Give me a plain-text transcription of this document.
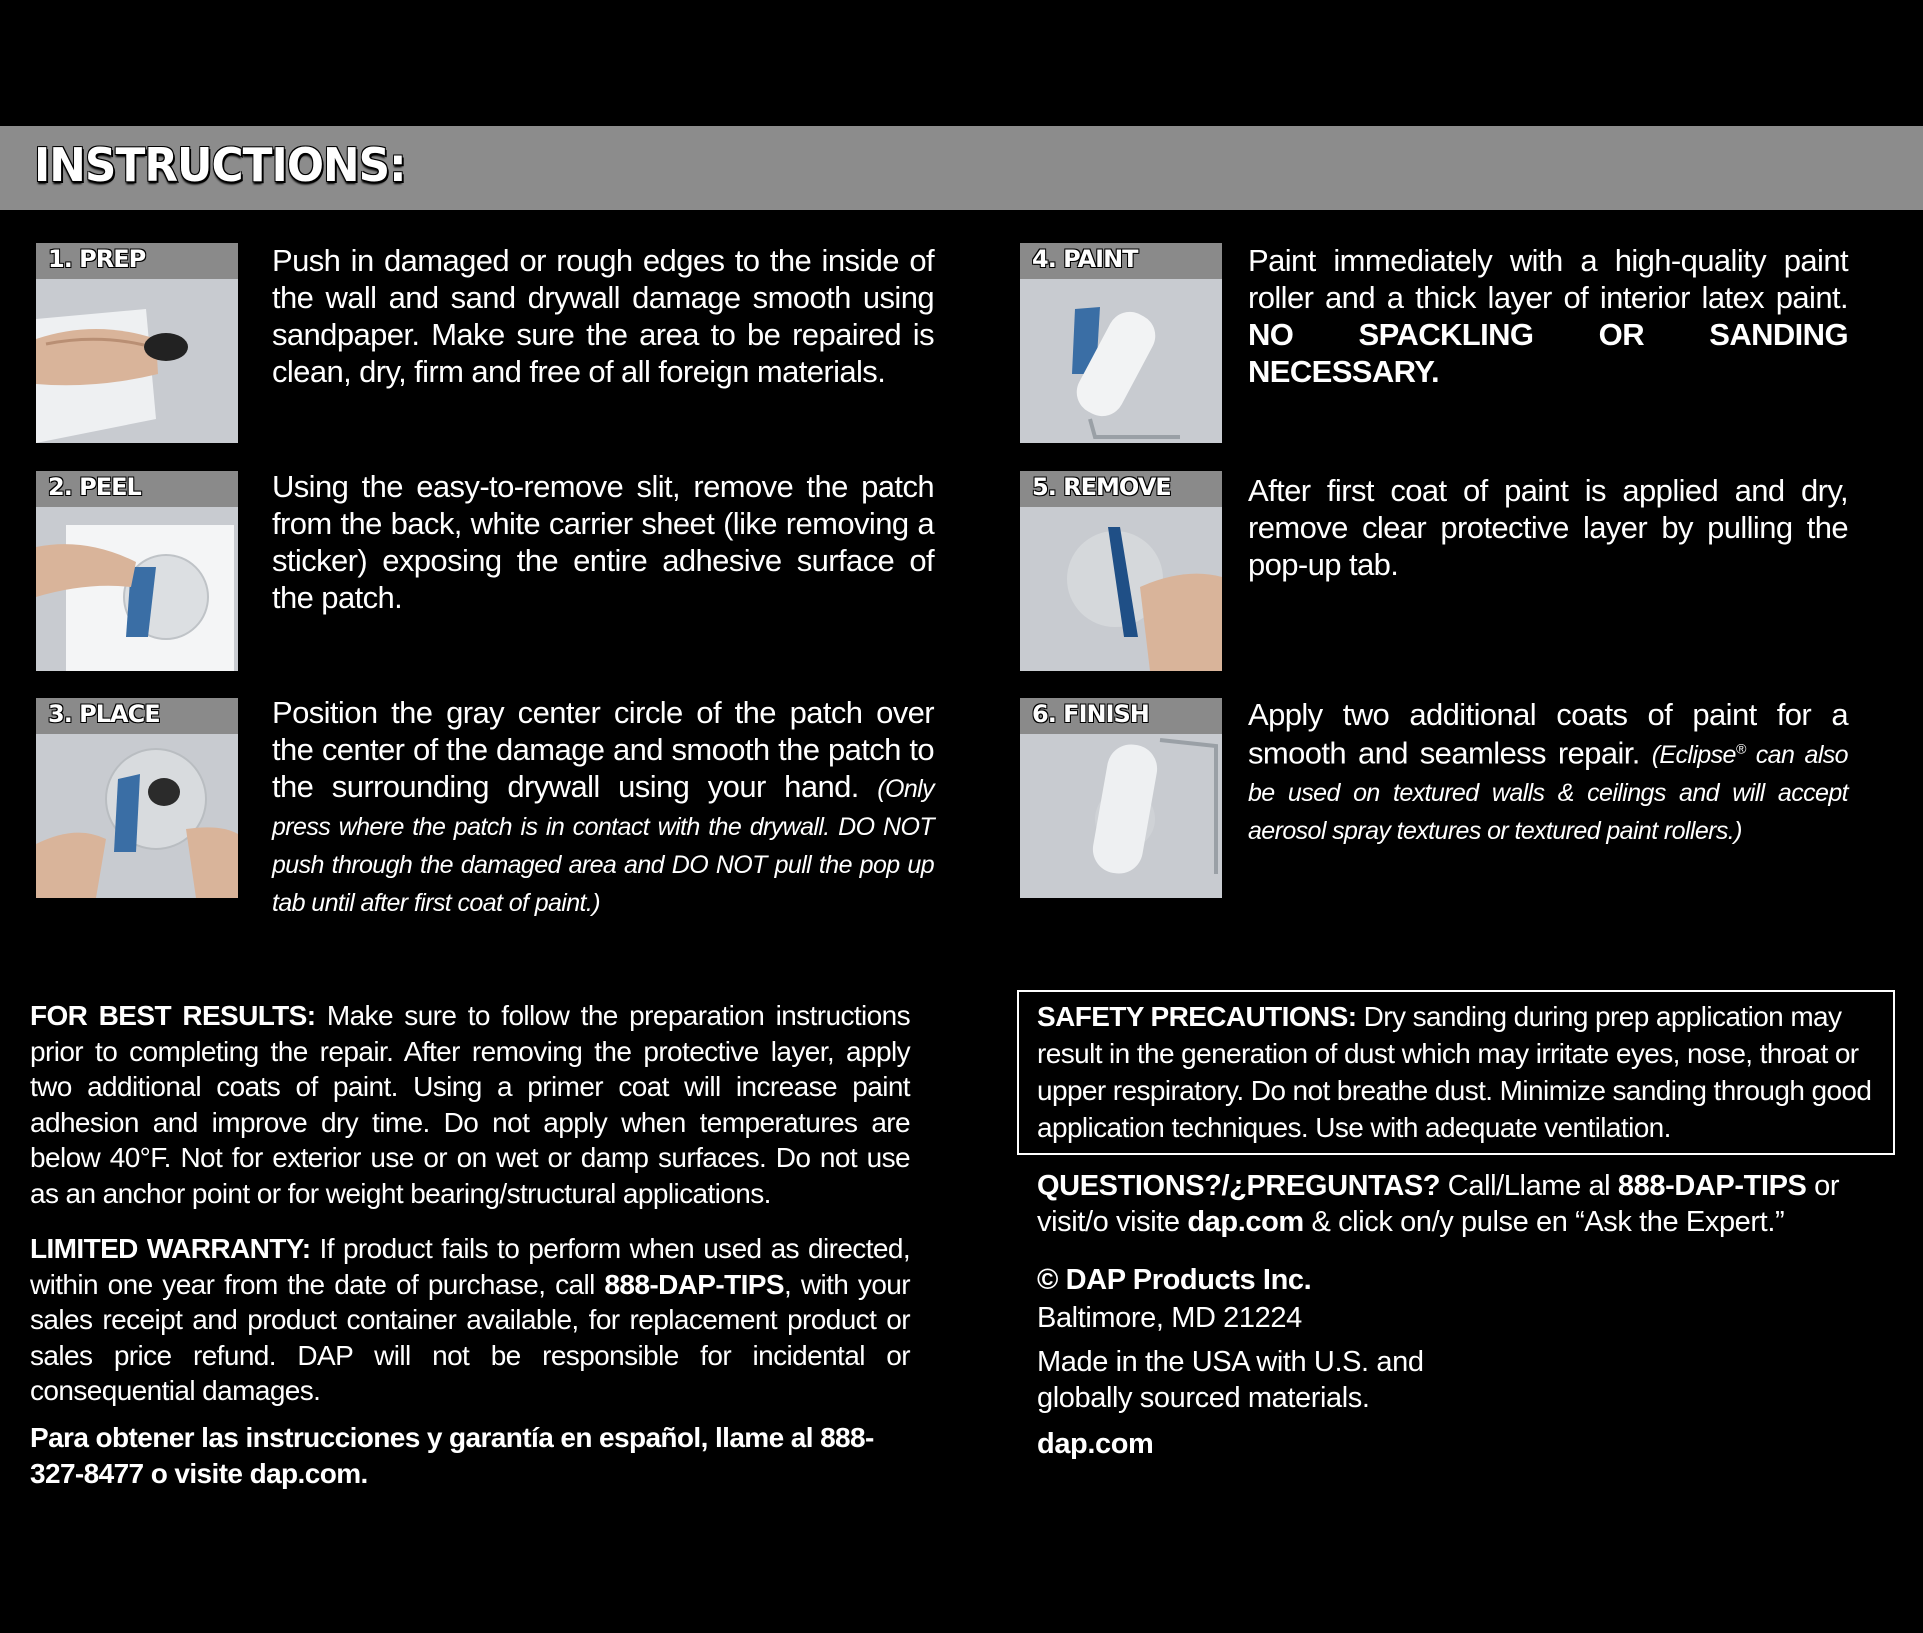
INSTRUCTIONS:
1. PREP	Push in damaged or rough edges to the inside of the wall and sand drywall damage smooth using sandpaper. Make sure the area to be repaired is clean, dry, firm and free of all foreign materials.
2. PEEL	Using the easy-to-remove slit, remove the patch from the back, white carrier sheet (like removing a sticker) exposing the entire adhesive surface of the patch.
3. PLACE	Position the gray center circle of the patch over the center of the damage and smooth the patch to the surrounding drywall using your hand. (Only press where the patch is in contact with the drywall. DO NOT push through the damaged area and DO NOT pull the pop up tab until after first coat of paint.)
4. PAINT	Paint immediately with a high-quality paint roller and a thick layer of interior latex paint. NO SPACKLING OR SANDING NECESSARY.
5. REMOVE After first coat of paint is applied and dry, remove clear protective layer by pulling the pop-up tab.
6. FINISH	Apply two additional coats of paint for a smooth and seamless repair. (Eclipse® can also be used on textured walls & ceilings and will accept aerosol spray textures or textured paint rollers.)
FOR BEST RESULTS: Make sure to follow the preparation instructions prior to completing the repair. After removing the protective layer, apply two additional coats of paint. Using a primer coat will increase paint adhesion and improve dry time. Do not apply when temperatures are below 40°F. Not for exterior use or on wet or damp surfaces. Do not use as an anchor point or for weight bearing/structural applications.
LIMITED WARRANTY: If product fails to perform when used as directed, within one year from the date of purchase, call 888-DAP-TIPS, with your sales receipt and product container available, for replacement product or sales price refund. DAP will not be responsible for incidental or consequential damages.
Para obtener las instrucciones y garantía en español, llame al 888-327-8477 o visite dap.com.
SAFETY PRECAUTIONS: Dry sanding during prep application may result in the generation of dust which may irritate eyes, nose, throat or upper respiratory. Do not breathe dust. Minimize sanding through good application techniques. Use with adequate ventilation.
QUESTIONS?/¿PREGUNTAS? Call/Llame al 888-DAP-TIPS or visit/o visite dap.com & click on/y pulse en “Ask the Expert.”
© DAP Products Inc.
Baltimore, MD 21224
Made in the USA with U.S. and
globally sourced materials.
dap.com
